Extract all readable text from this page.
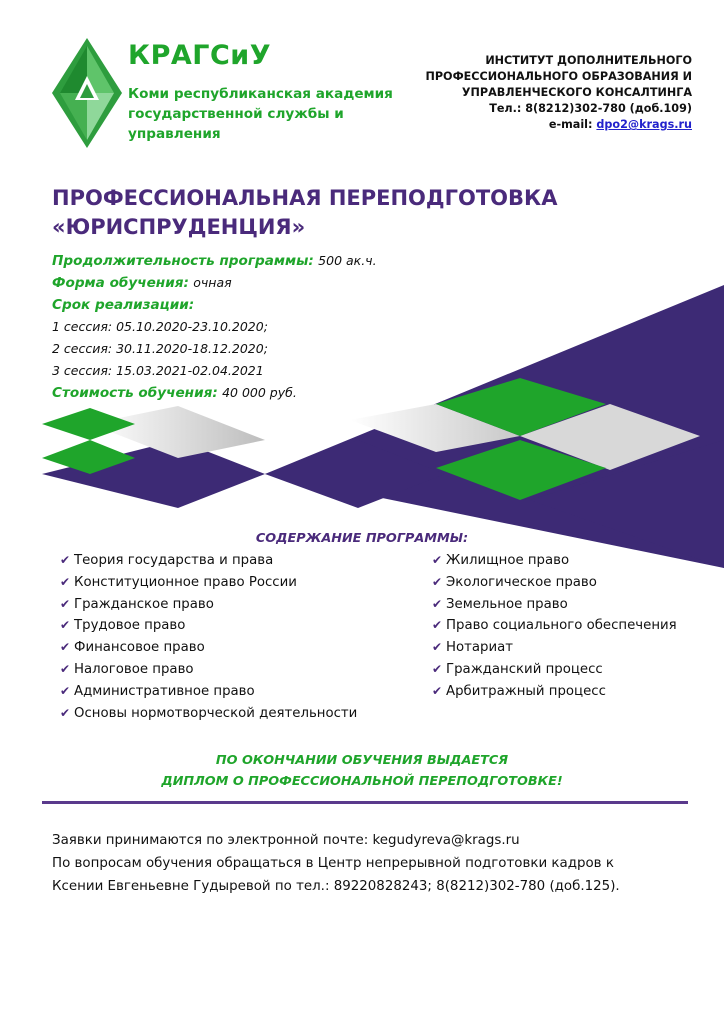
КРАГСиУ
Коми республиканская академия
государственной службы и
управления
ИНСТИТУТ ДОПОЛНИТЕЛЬНОГО
ПРОФЕССИОНАЛЬНОГО ОБРАЗОВАНИЯ И
УПРАВЛЕНЧЕСКОГО КОНСАЛТИНГА
Тел.: 8(8212)302-780 (доб.109)
e-mail: dpo2@krags.ru
ПРОФЕССИОНАЛЬНАЯ ПЕРЕПОДГОТОВКА
«ЮРИСПРУДЕНЦИЯ»
Продолжительность программы: 500 ак.ч.
Форма обучения: очная
Срок реализации:
1 сессия: 05.10.2020-23.10.2020;
2 сессия: 30.11.2020-18.12.2020;
3 сессия: 15.03.2021-02.04.2021
Стоимость обучения: 40 000 руб.
СОДЕРЖАНИЕ ПРОГРАММЫ:
✔ Теория государства и права
✔ Конституционное право России
✔ Гражданское право
✔ Трудовое право
✔ Финансовое право
✔ Налоговое право
✔ Административное право
✔ Основы нормотворческой деятельности
✔ Жилищное право
✔ Экологическое право
✔ Земельное право
✔ Право социального обеспечения
✔ Нотариат
✔ Гражданский процесс
✔ Арбитражный процесс
ПО ОКОНЧАНИИ ОБУЧЕНИЯ ВЫДАЕТСЯ
ДИПЛОМ О ПРОФЕССИОНАЛЬНОЙ ПЕРЕПОДГОТОВКЕ!
Заявки принимаются по электронной почте: kegudyreva@krags.ru
По вопросам обучения обращаться в Центр непрерывной подготовки кадров к
Ксении Евгеньевне Гудыревой по тел.: 89220828243; 8(8212)302-780 (доб.125).
